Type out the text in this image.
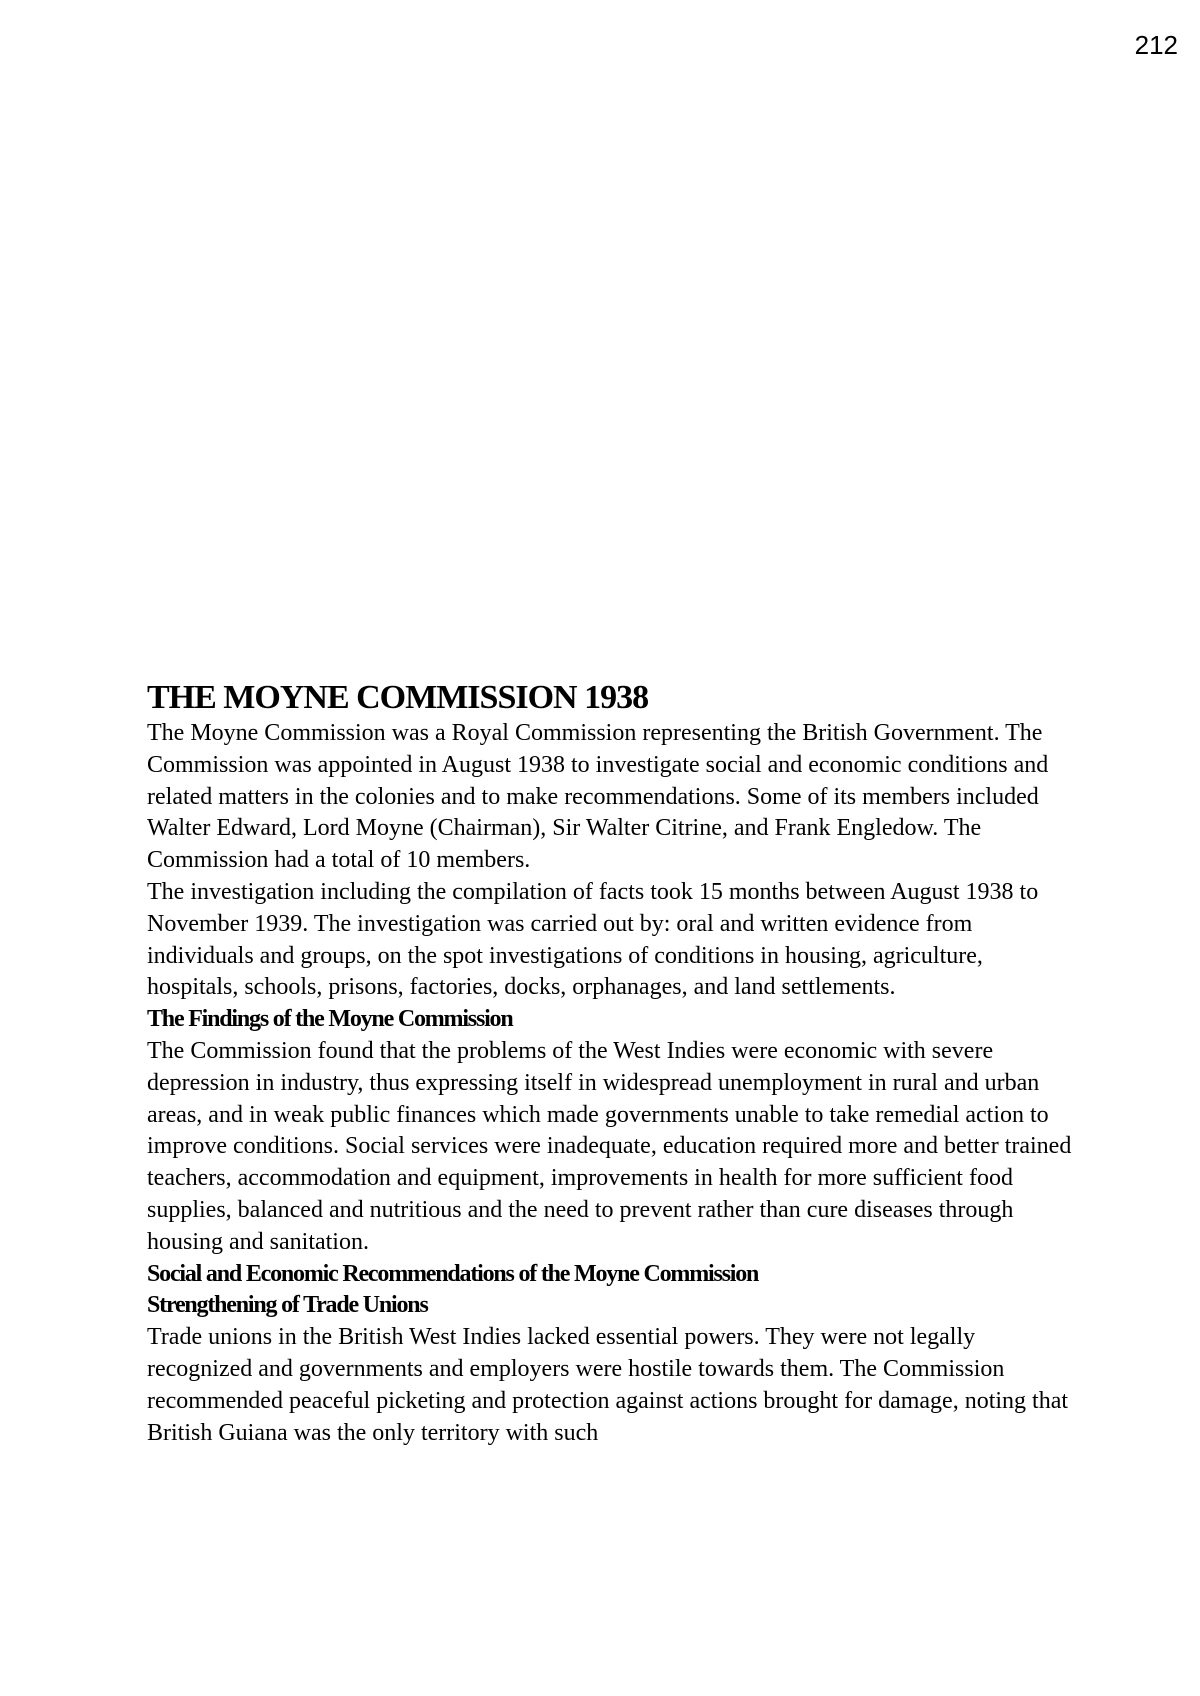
212
THE MOYNE COMMISSION 1938

The Moyne Commission was a Royal Commission representing the British Government. The Commission was appointed in August 1938 to investigate social and economic conditions and related matters in the colonies and to make recommendations. Some of its members included Walter Edward, Lord Moyne (Chairman), Sir Walter Citrine, and Frank Engledow. The Commission had a total of 10 members.

The investigation including the compilation of facts took 15 months between August 1938 to November 1939. The investigation was carried out by: oral and written evidence from individuals and groups, on the spot investigations of conditions in housing, agriculture, hospitals, schools, prisons, factories, docks, orphanages, and land settlements.

The Findings of the Moyne Commission

The Commission found that the problems of the West Indies were economic with severe depression in industry, thus expressing itself in widespread unemployment in rural and urban areas, and in weak public finances which made governments unable to take remedial action to improve conditions. Social services were inadequate, education required more and better trained teachers, accommodation and equipment, improvements in health for more sufficient food supplies, balanced and nutritious and the need to prevent rather than cure diseases through housing and sanitation.

Social and Economic Recommendations of the Moyne Commission
Strengthening of Trade Unions

Trade unions in the British West Indies lacked essential powers. They were not legally recognized and governments and employers were hostile towards them. The Commission recommended peaceful picketing and protection against actions brought for damage, noting that British Guiana was the only territory with such
